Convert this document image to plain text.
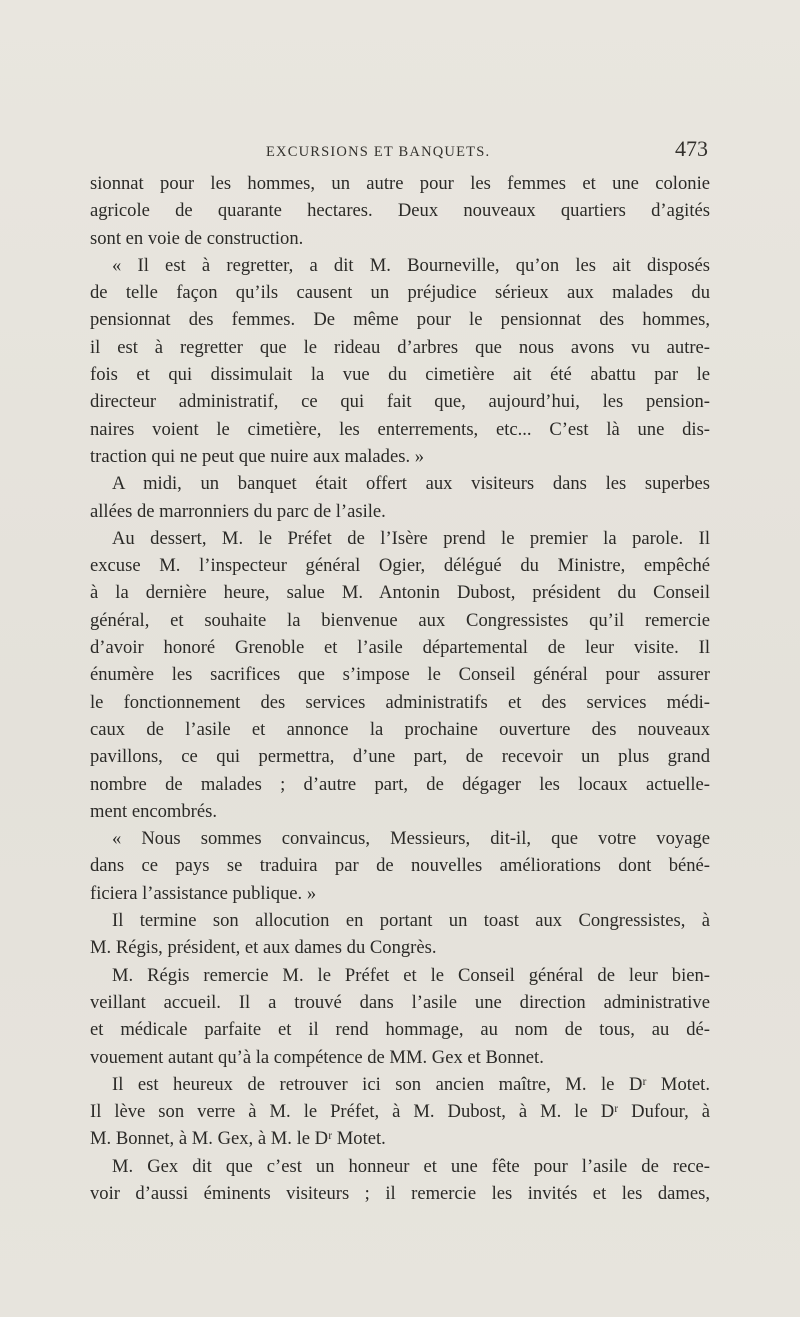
EXCURSIONS ET BANQUETS.	473
sionnat pour les hommes, un autre pour les femmes et une colonie
agricole de quarante hectares. Deux nouveaux quartiers d’agités
sont en voie de construction.
« Il est à regretter, a dit M. Bourneville, qu’on les ait disposés
de telle façon qu’ils causent un préjudice sérieux aux malades du
pensionnat des femmes. De même pour le pensionnat des hommes,
il est à regretter que le rideau d’arbres que nous avons vu autre-
fois et qui dissimulait la vue du cimetière ait été abattu par le
directeur administratif, ce qui fait que, aujourd’hui, les pension-
naires voient le cimetière, les enterrements, etc... C’est là une dis-
traction qui ne peut que nuire aux malades. »
A midi, un banquet était offert aux visiteurs dans les superbes
allées de marronniers du parc de l’asile.
Au dessert, M. le Préfet de l’Isère prend le premier la parole. Il
excuse M. l’inspecteur général Ogier, délégué du Ministre, empêché
à la dernière heure, salue M. Antonin Dubost, président du Conseil
général, et souhaite la bienvenue aux Congressistes qu’il remercie
d’avoir honoré Grenoble et l’asile départemental de leur visite. Il
énumère les sacrifices que s’impose le Conseil général pour assurer
le fonctionnement des services administratifs et des services médi-
caux de l’asile et annonce la prochaine ouverture des nouveaux
pavillons, ce qui permettra, d’une part, de recevoir un plus grand
nombre de malades ; d’autre part, de dégager les locaux actuelle-
ment encombrés.
« Nous sommes convaincus, Messieurs, dit-il, que votre voyage
dans ce pays se traduira par de nouvelles améliorations dont béné-
ficiera l’assistance publique. »
Il termine son allocution en portant un toast aux Congressistes, à
M. Régis, président, et aux dames du Congrès.
M. Régis remercie M. le Préfet et le Conseil général de leur bien-
veillant accueil. Il a trouvé dans l’asile une direction administrative
et médicale parfaite et il rend hommage, au nom de tous, au dé-
vouement autant qu’à la compétence de MM. Gex et Bonnet.
Il est heureux de retrouver ici son ancien maître, M. le Dʳ Motet.
Il lève son verre à M. le Préfet, à M. Dubost, à M. le Dʳ Dufour, à
M. Bonnet, à M. Gex, à M. le Dʳ Motet.
M. Gex dit que c’est un honneur et une fête pour l’asile de rece-
voir d’aussi éminents visiteurs ; il remercie les invités et les dames,
